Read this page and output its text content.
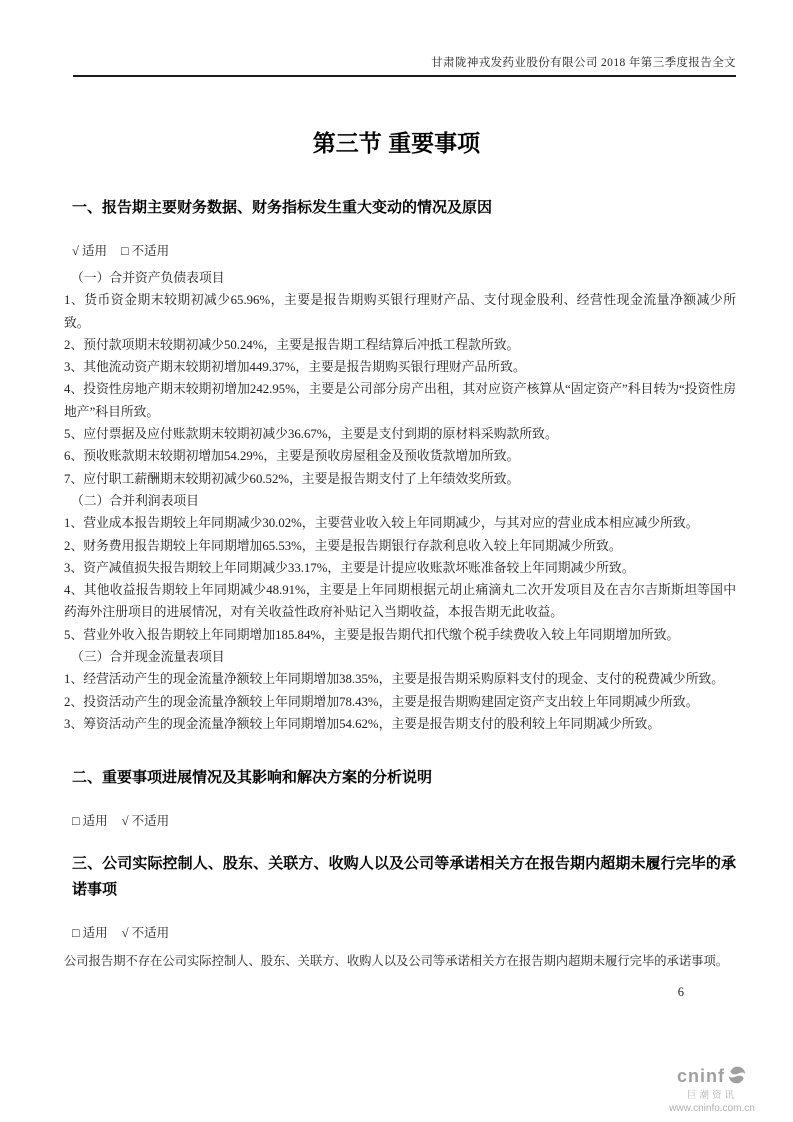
甘肃陇神戎发药业股份有限公司 2018 年第三季度报告全文
第三节 重要事项
一、报告期主要财务数据、财务指标发生重大变动的情况及原因
√ 适用 □ 不适用

（一）合并资产负债表项目

1、货币资金期末较期初减少65.96%，主要是报告期购买银行理财产品、支付现金股利、经营性现金流量净额减少所致。

2、预付款项期末较期初减少50.24%，主要是报告期工程结算后冲抵工程款所致。

3、其他流动资产期末较期初增加449.37%，主要是报告期购买银行理财产品所致。

4、投资性房地产期末较期初增加242.95%，主要是公司部分房产出租，其对应资产核算从“固定资产”科目转为“投资性房地产”科目所致。

5、应付票据及应付账款期末较期初减少36.67%，主要是支付到期的原材料采购款所致。

6、预收账款期末较期初增加54.29%，主要是预收房屋租金及预收货款增加所致。

7、应付职工薪酬期末较期初减少60.52%，主要是报告期支付了上年绩效奖所致。

（二）合并利润表项目

1、营业成本报告期较上年同期减少30.02%，主要营业收入较上年同期减少，与其对应的营业成本相应减少所致。

2、财务费用报告期较上年同期增加65.53%，主要是报告期银行存款利息收入较上年同期减少所致。

3、资产减值损失报告期较上年同期减少33.17%，主要是计提应收账款坏账准备较上年同期减少所致。

4、其他收益报告期较上年同期减少48.91%，主要是上年同期根据元胡止痛滴丸二次开发项目及在吉尔吉斯斯坦等国中药海外注册项目的进展情况，对有关收益性政府补贴记入当期收益，本报告期无此收益。

5、营业外收入报告期较上年同期增加185.84%，主要是报告期代扣代缴个税手续费收入较上年同期增加所致。

（三）合并现金流量表项目

1、经营活动产生的现金流量净额较上年同期增加38.35%，主要是报告期采购原料支付的现金、支付的税费减少所致。

2、投资活动产生的现金流量净额较上年同期增加78.43%，主要是报告期购建固定资产支出较上年同期减少所致。

3、筹资活动产生的现金流量净额较上年同期增加54.62%，主要是报告期支付的股利较上年同期减少所致。

二、重要事项进展情况及其影响和解决方案的分析说明
□ 适用 √ 不适用
三、公司实际控制人、股东、关联方、收购人以及公司等承诺相关方在报告期内超期未履行完毕的承诺事项
□ 适用 √ 不适用

公司报告期不存在公司实际控制人、股东、关联方、收购人以及公司等承诺相关方在报告期内超期未履行完毕的承诺事项。

6
cninf
巨潮资讯
www.cninfo.com.cn
